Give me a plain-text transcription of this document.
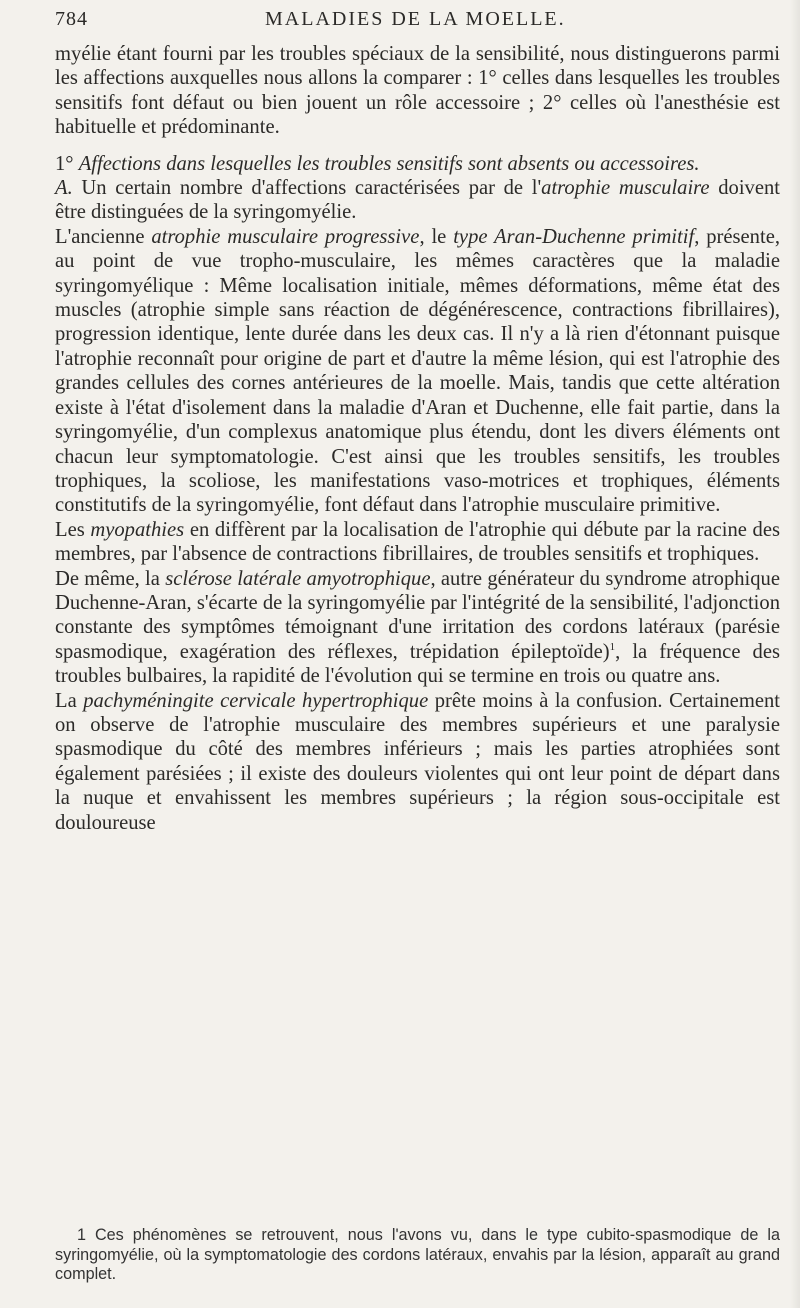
784	MALADIES DE LA MOELLE.

myélie étant fourni par les troubles spéciaux de la sensibilité, nous distinguerons parmi les affections auxquelles nous allons la comparer : 1° celles dans lesquelles les troubles sensitifs font défaut ou bien jouent un rôle accessoire ; 2° celles où l'anesthésie est habituelle et prédominante.

1° Affections dans lesquelles les troubles sensitifs sont absents ou accessoires.

A. Un certain nombre d'affections caractérisées par de l'atrophie musculaire doivent être distinguées de la syringomyélie.

L'ancienne atrophie musculaire progressive, le type Aran-Duchenne primitif, présente, au point de vue tropho-musculaire, les mêmes caractères que la maladie syringomyélique : Même localisation initiale, mêmes déformations, même état des muscles (atrophie simple sans réaction de dégénérescence, contractions fibrillaires), progression identique, lente durée dans les deux cas. Il n'y a là rien d'étonnant puisque l'atrophie reconnaît pour origine de part et d'autre la même lésion, qui est l'atrophie des grandes cellules des cornes antérieures de la moelle. Mais, tandis que cette altération existe à l'état d'isolement dans la maladie d'Aran et Duchenne, elle fait partie, dans la syringomyélie, d'un complexus anatomique plus étendu, dont les divers éléments ont chacun leur symptomatologie. C'est ainsi que les troubles sensitifs, les troubles trophiques, la scoliose, les manifestations vaso-motrices et trophiques, éléments constitutifs de la syringomyélie, font défaut dans l'atrophie musculaire primitive.

Les myopathies en diffèrent par la localisation de l'atrophie qui débute par la racine des membres, par l'absence de contractions fibrillaires, de troubles sensitifs et trophiques.

De même, la sclérose latérale amyotrophique, autre générateur du syndrome atrophique Duchenne-Aran, s'écarte de la syringomyélie par l'intégrité de la sensibilité, l'adjonction constante des symptômes témoignant d'une irritation des cordons latéraux (parésie spasmodique, exagération des réflexes, trépidation épileptoïde)$^1$, la fréquence des troubles bulbaires, la rapidité de l'évolution qui se termine en trois ou quatre ans.

La pachyméningite cervicale hypertrophique prête moins à la confusion. Certainement on observe de l'atrophie musculaire des membres supérieurs et une paralysie spasmodique du côté des membres inférieurs ; mais les parties atrophiées sont également parésiées ; il existe des douleurs violentes qui ont leur point de départ dans la nuque et envahissent les membres supérieurs ; la région sous-occipitale est douloureuse

1 Ces phénomènes se retrouvent, nous l'avons vu, dans le type cubito-spasmodique de la syringomyélie, où la symptomatologie des cordons latéraux, envahis par la lésion, apparaît au grand complet.
